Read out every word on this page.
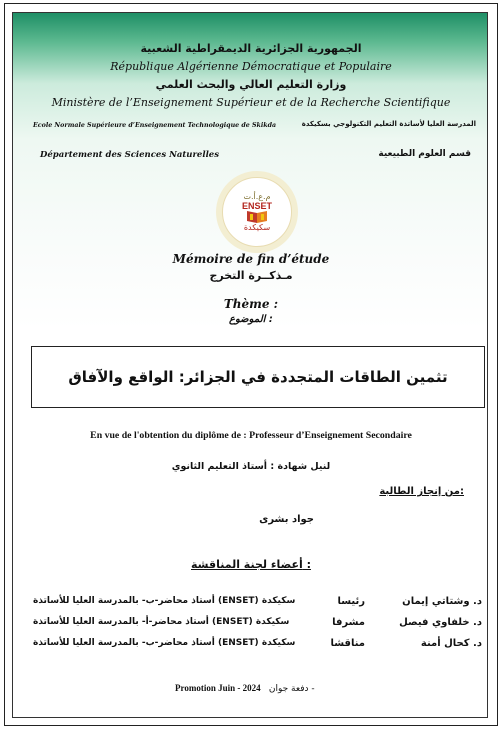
الجمهورية الجزائرية الديمقراطية الشعبية
République Algérienne Démocratique et Populaire
وزارة التعليم العالي والبحث العلمي
Ministère de l’Enseignement Supérieur et de la Recherche Scientifique
Ecole Normale Supérieure d’Enseignement Technologique de Skikda	المدرسة العليا لأساتذة التعليم التكنولوجي بسكيكدة
Département des Sciences Naturelles	قسم العلوم الطبيعية
م.ع.أ.ت
ENSET
سكيكدة
Mémoire de fin d’étude
مـذكــرة التخرج
Thème :
الموضوع :
تثمين الطاقات المتجددة في الجزائر: الواقع والآفاق
En vue de l'obtention du diplôme de : Professeur d’Enseignement Secondaire
لنيل شهادة : أستاذ التعليم الثانوي
من إنجاز الطالبة:
جواد بشرى
أعضاء لجنة المناقشة :
د. وشتاتي إيمان
رئيسا
أستاذ محاضر-ب- بالمدرسة العليا للأساتذة (ENSET) سكيكدة
د. خلفاوي فيصل
مشرفا
أستاذ محاضر-أ- بالمدرسة العليا للأساتذة (ENSET) سكيكدة
د. كحال أمنة
مناقشا
أستاذ محاضر-ب- بالمدرسة العليا للأساتذة (ENSET) سكيكدة
Promotion Juin - 2024 دفعة جوان -
